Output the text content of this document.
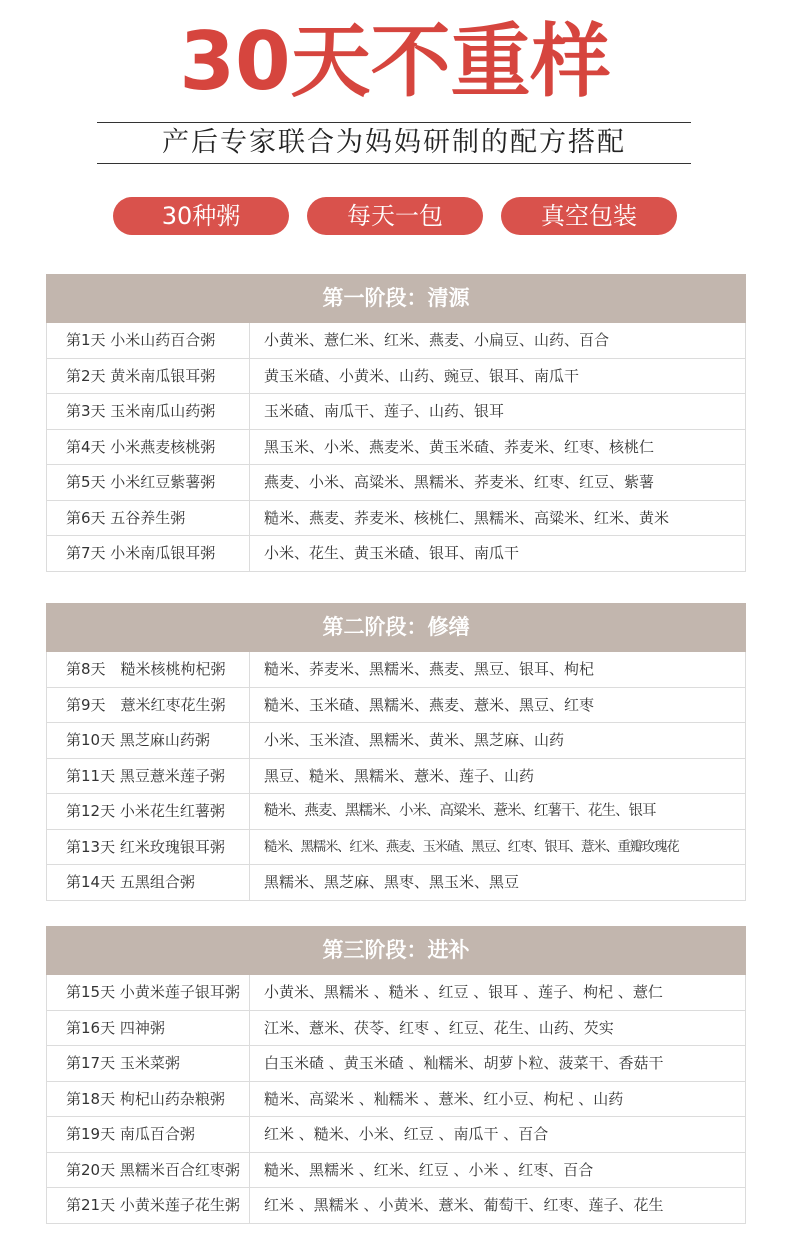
30天不重样
产后专家联合为妈妈研制的配方搭配
30种粥	每天一包	真空包装
第一阶段：清源
第1天 小米山药百合粥	小黄米、薏仁米、红米、燕麦、小扁豆、山药、百合
第2天 黄米南瓜银耳粥	黄玉米碴、小黄米、山药、豌豆、银耳、南瓜干
第3天 玉米南瓜山药粥	玉米碴、南瓜干、莲子、山药、银耳
第4天 小米燕麦核桃粥	黑玉米、小米、燕麦米、黄玉米碴、荞麦米、红枣、核桃仁
第5天 小米红豆紫薯粥	燕麦、小米、高粱米、黑糯米、荞麦米、红枣、红豆、紫薯
第6天 五谷养生粥	糙米、燕麦、荞麦米、核桃仁、黑糯米、高粱米、红米、黄米
第7天 小米南瓜银耳粥	小米、花生、黄玉米碴、银耳、南瓜干
第二阶段：修缮
第8天　糙米核桃枸杞粥	糙米、荞麦米、黑糯米、燕麦、黑豆、银耳、枸杞
第9天　薏米红枣花生粥	糙米、玉米碴、黑糯米、燕麦、薏米、黑豆、红枣
第10天 黑芝麻山药粥	小米、玉米渣、黑糯米、黄米、黑芝麻、山药
第11天 黑豆薏米莲子粥	黑豆、糙米、黑糯米、薏米、莲子、山药
第12天 小米花生红薯粥	糙米、燕麦、黑糯米、小米、高粱米、薏米、红薯干、花生、银耳
第13天 红米玫瑰银耳粥	糙米、黑糯米、红米、燕麦、玉米碴、黑豆、红枣、银耳、薏米、重瓣玫瑰花
第14天 五黑组合粥	黑糯米、黑芝麻、黑枣、黑玉米、黑豆
第三阶段：进补
第15天 小黄米莲子银耳粥	小黄米、黑糯米 、糙米 、红豆 、银耳 、莲子、枸杞 、薏仁
第16天 四神粥	江米、薏米、茯苓、红枣 、红豆、花生、山药、芡实
第17天 玉米菜粥	白玉米碴 、黄玉米碴 、籼糯米、胡萝卜粒、菠菜干、香菇干
第18天 枸杞山药杂粮粥	糙米、高粱米 、籼糯米 、薏米、红小豆、枸杞 、山药
第19天 南瓜百合粥	红米 、糙米、小米、红豆 、南瓜干 、百合
第20天 黑糯米百合红枣粥	糙米、黑糯米 、红米、红豆 、小米 、红枣、百合
第21天 小黄米莲子花生粥	红米 、黑糯米 、小黄米、薏米、葡萄干、红枣、莲子、花生
